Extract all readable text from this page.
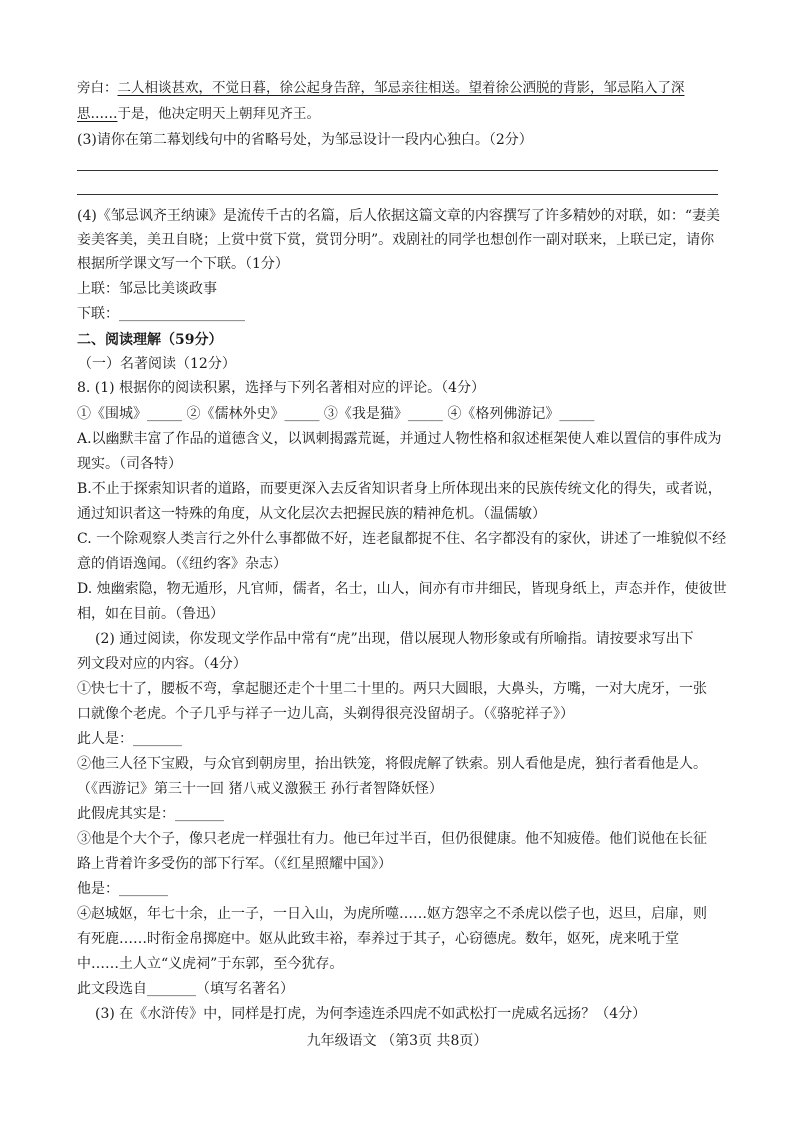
旁白：二人相谈甚欢，不觉日暮，徐公起身告辞，邹忌亲往相送。望着徐公洒脱的背影，邹忌陷入了深
思……于是，他决定明天上朝拜见齐王。
(3)请你在第二幕划线句中的省略号处，为邹忌设计一段内心独白。（2分）
(4)《邹忌讽齐王纳谏》是流传千古的名篇，后人依据这篇文章的内容撰写了许多精妙的对联，如：“妻美
妾美客美，美丑自晓；上赏中赏下赏，赏罚分明”。戏剧社的同学也想创作一副对联来，上联已定，请你
根据所学课文写一个下联。（1分）
上联：邹忌比美谈政事
下联：__________________
二、阅读理解（59分）
（一）名著阅读（12分）
8. (1) 根据你的阅读积累，选择与下列名著相对应的评论。（4分）
①《围城》_____ ②《儒林外史》_____ ③《我是猫》_____ ④《格列佛游记》_____
A.以幽默丰富了作品的道德含义，以讽刺揭露荒诞，并通过人物性格和叙述框架使人难以置信的事件成为
现实。（司各特）
B.不止于探索知识者的道路，而要更深入去反省知识者身上所体现出来的民族传统文化的得失，或者说，
通过知识者这一特殊的角度，从文化层次去把握民族的精神危机。（温儒敏）
C. 一个除观察人类言行之外什么事都做不好，连老鼠都捉不住、名字都没有的家伙，讲述了一堆貌似不经
意的俏语逸闻。（《纽约客》杂志）
D. 烛幽索隐，物无遁形，凡官师，儒者，名士，山人，间亦有市井细民，皆现身纸上，声态并作，使彼世
相，如在目前。（鲁迅）
(2) 通过阅读，你发现文学作品中常有“虎”出现，借以展现人物形象或有所喻指。请按要求写出下
列文段对应的内容。（4分）
①快七十了，腰板不弯，拿起腿还走个十里二十里的。两只大圆眼，大鼻头，方嘴，一对大虎牙，一张
口就像个老虎。个子几乎与祥子一边儿高，头剃得很亮没留胡子。（《骆驼祥子》）
此人是：_______
②他三人径下宝殿，与众官到朝房里，抬出铁笼，将假虎解了铁索。别人看他是虎，独行者看他是人。
（《西游记》第三十一回 猪八戒义激猴王 孙行者智降妖怪）
此假虎其实是：_______
③他是个大个子，像只老虎一样强壮有力。他已年过半百，但仍很健康。他不知疲倦。他们说他在长征
路上背着许多受伤的部下行军。（《红星照耀中国》）
他是：_______
④赵城妪，年七十余，止一子，一日入山，为虎所噬……妪方怨宰之不杀虎以偿子也，迟旦，启扉，则
有死鹿……时衔金帛掷庭中。妪从此致丰裕，奉养过于其子，心窃德虎。数年，妪死，虎来吼于堂
中……土人立“义虎祠”于东郭，至今犹存。
此文段选自_______（填写名著名）
(3) 在《水浒传》中，同样是打虎，为何李逵连杀四虎不如武松打一虎威名远扬？（4分）
九年级语文 （第3页 共8页）
